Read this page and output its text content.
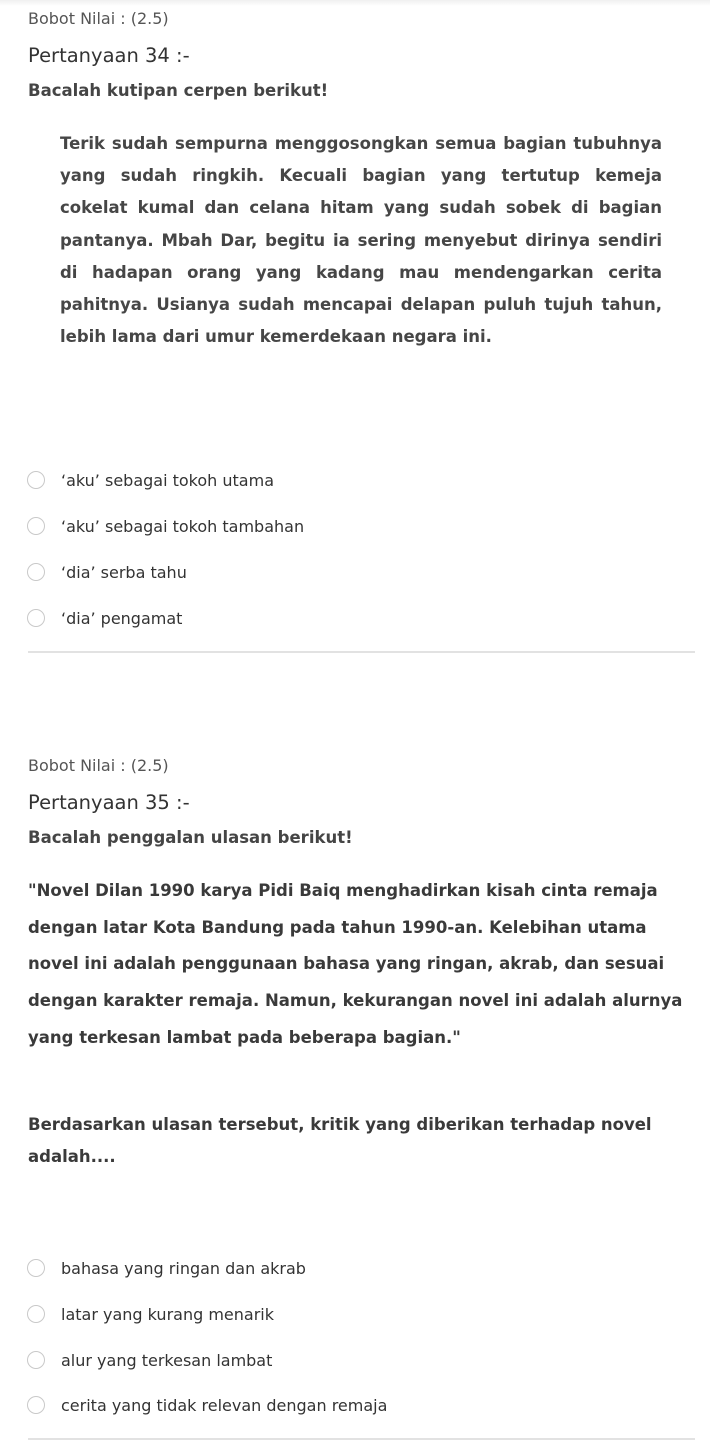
Bobot Nilai : (2.5)
Pertanyaan 34 :-
Bacalah kutipan cerpen berikut!
Terik sudah sempurna menggosongkan semua bagian tubuhnya yang sudah ringkih. Kecuali bagian yang tertutup kemeja cokelat kumal dan celana hitam yang sudah sobek di bagian pantanya. Mbah Dar, begitu ia sering menyebut dirinya sendiri di hadapan orang yang kadang mau mendengarkan cerita pahitnya. Usianya sudah mencapai delapan puluh tujuh tahun, lebih lama dari umur kemerdekaan negara ini.
‘aku’ sebagai tokoh utama
‘aku’ sebagai tokoh tambahan
‘dia’ serba tahu
‘dia’ pengamat
Bobot Nilai : (2.5)
Pertanyaan 35 :-
Bacalah penggalan ulasan berikut!
"Novel Dilan 1990 karya Pidi Baiq menghadirkan kisah cinta remaja dengan latar Kota Bandung pada tahun 1990-an. Kelebihan utama novel ini adalah penggunaan bahasa yang ringan, akrab, dan sesuai dengan karakter remaja. Namun, kekurangan novel ini adalah alurnya yang terkesan lambat pada beberapa bagian."
Berdasarkan ulasan tersebut, kritik yang diberikan terhadap novel adalah....
bahasa yang ringan dan akrab
latar yang kurang menarik
alur yang terkesan lambat
cerita yang tidak relevan dengan remaja
